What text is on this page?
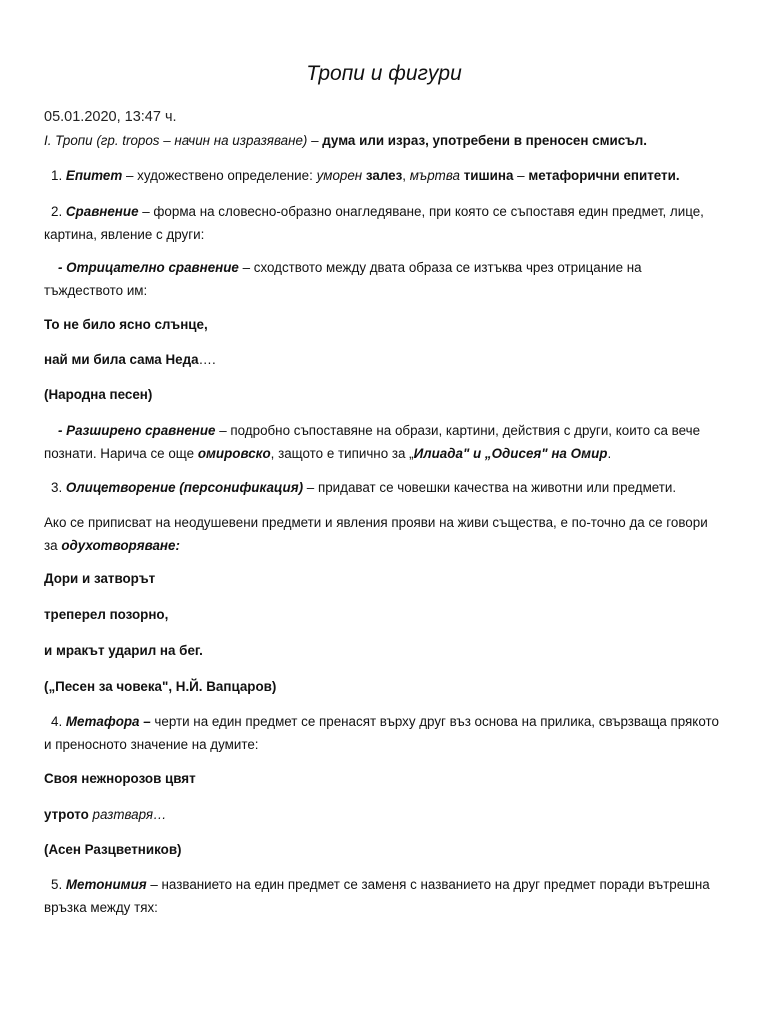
Тропи и фигури
05.01.2020, 13:47 ч.
I. Тропи (гр. tropos – начин на изразяване) – дума или израз, употребени в преносен смисъл.
1. Епитет – художествено определение: уморен залез, мъртва тишина – метафорични епитети.
2. Сравнение – форма на словесно-образно онагледяване, при която се съпоставя един предмет, лице, картина, явление с други:
- Отрицателно сравнение – сходството между двата образа се изтъква чрез отрицание на тъждеството им:
То не било ясно слънце,
най ми била сама Неда….
(Народна песен)
- Разширено сравнение – подробно съпоставяне на образи, картини, действия с други, които са вече познати. Нарича се още омировско, защото е типично за „Илиада" и „Одисея" на Омир.
3. Олицетворение (персонификация) – придават се човешки качества на животни или предмети.
Ако се приписват на неодушевени предмети и явления прояви на живи същества, е по-точно да се говори за одухотворяване:
Дори и затворът
треперел позорно,
и мракът ударил на бег.
(„Песен за човека", Н.Й. Вапцаров)
4. Метафора – черти на един предмет се пренасят върху друг въз основа на прилика, свързваща прякото и преносното значение на думите:
Своя нежнорозов цвят
утрото разтваря…
(Асен Разцветников)
5. Метонимия – названието на един предмет се заменя с названието на друг предмет поради вътрешна връзка между тях:
